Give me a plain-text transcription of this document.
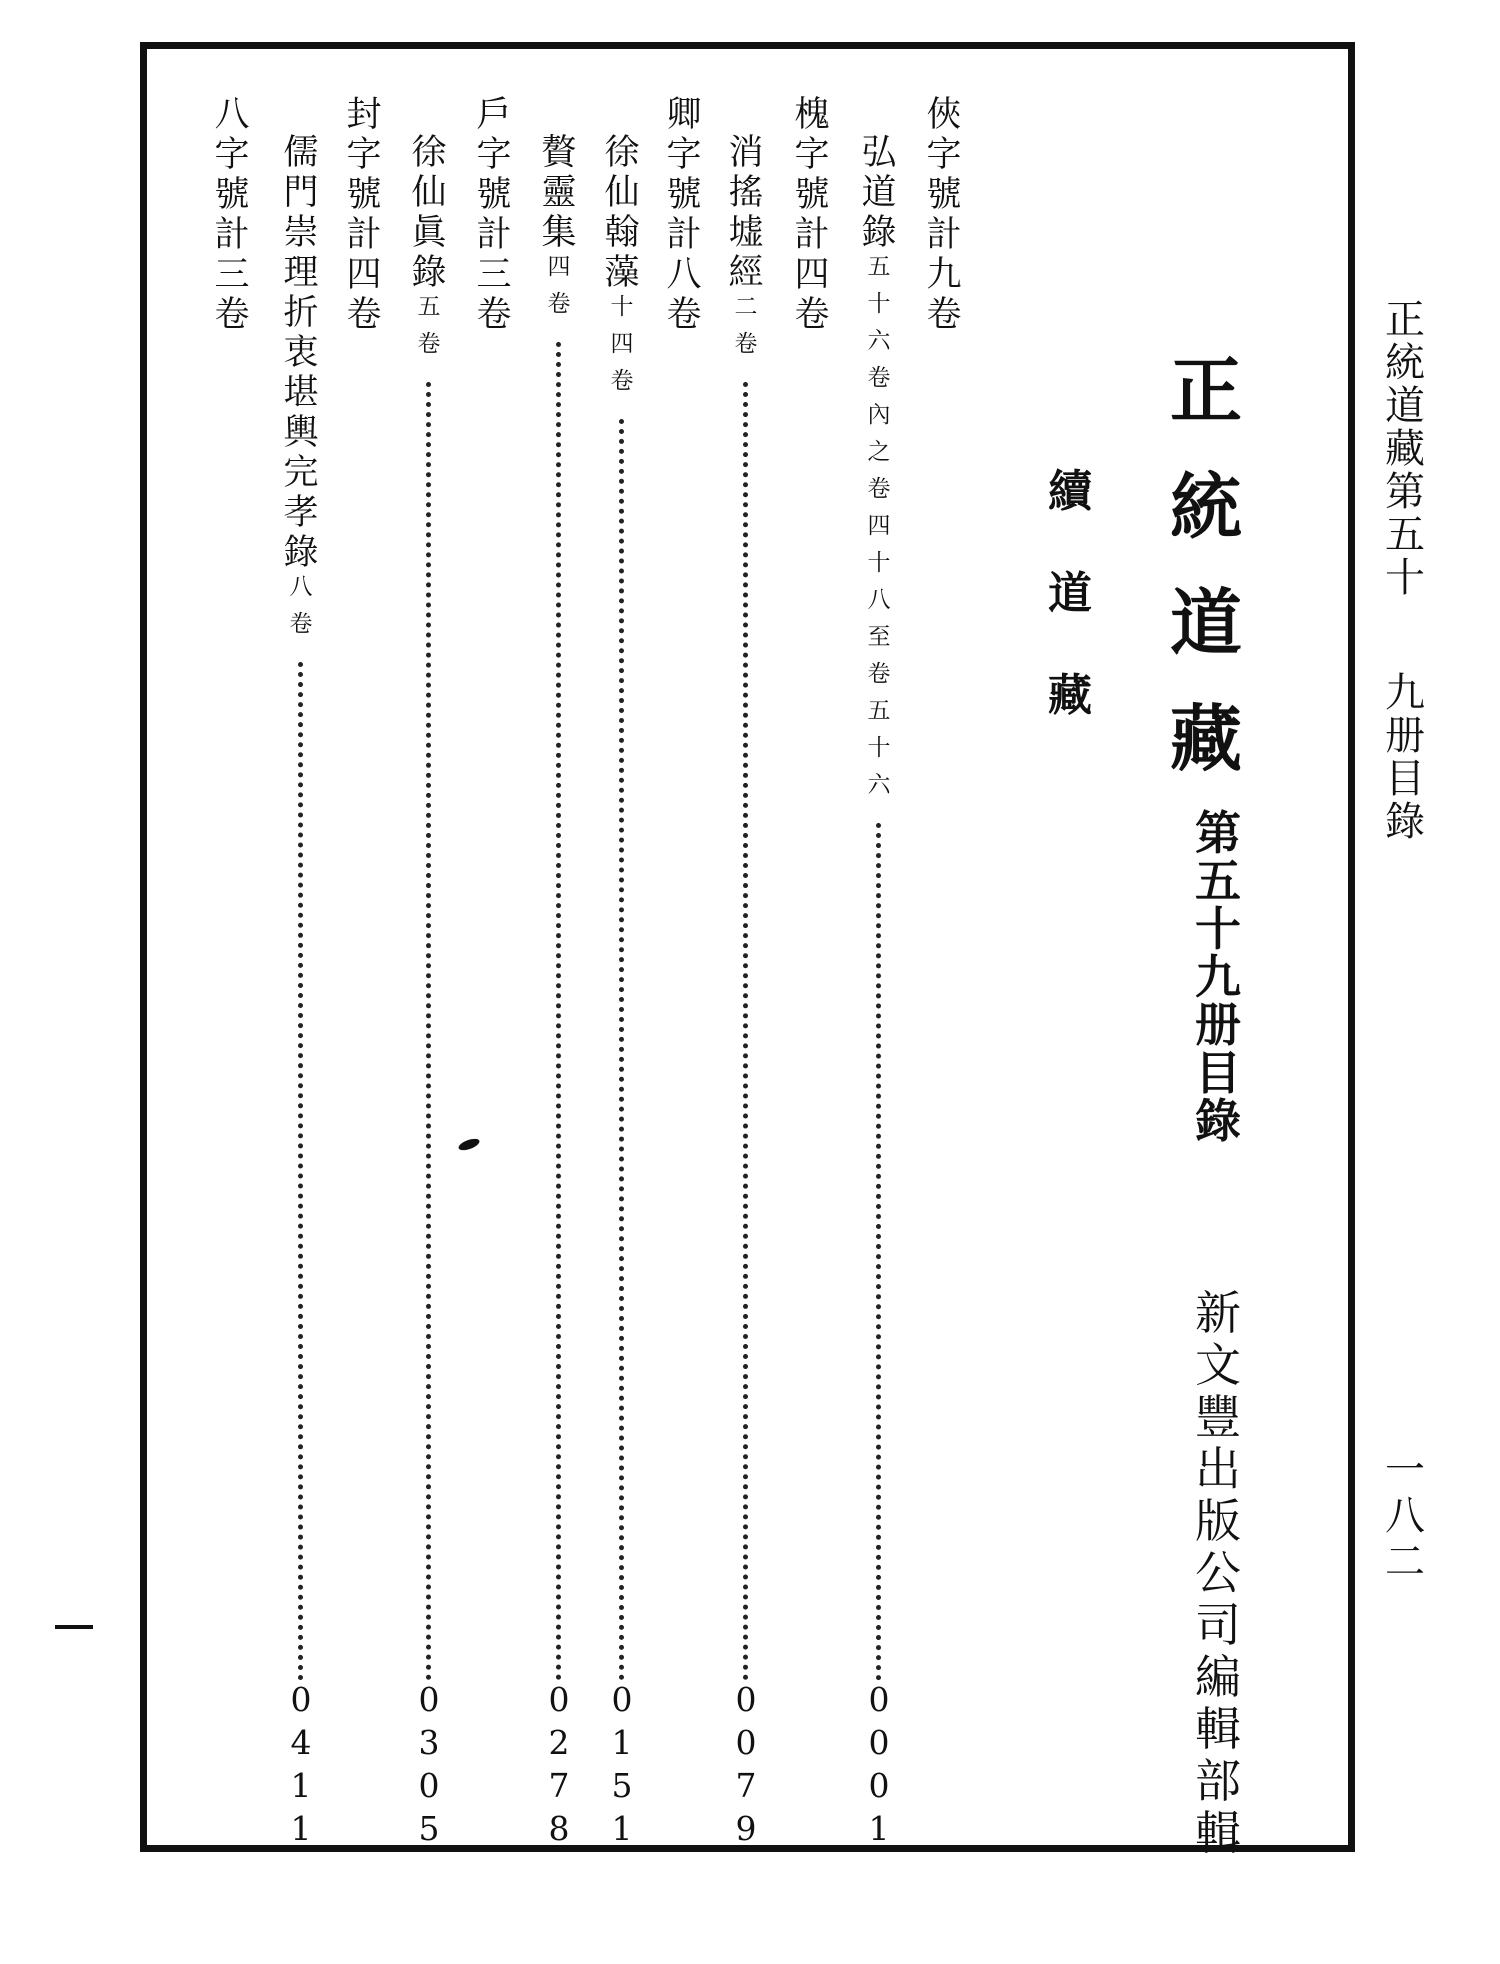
正
統
道
藏
第
五
十
九
册
目
錄
一
八
二
正
統
道
藏
續
道
藏
第
五
十
九
册
目
錄
新
文
豐
出
版
公
司
編
輯
部
輯
俠
字
號
計
九
卷
弘
道
錄
五
十
六
卷
內
之
卷
四
十
八
至
卷
五
十
六
0
0
0
1
槐
字
號
計
四
卷
消
搖
墟
經
二
卷
0
0
7
9
卿
字
號
計
八
卷
徐
仙
翰
藻
十
四
卷
0
1
5
1
贅
靈
集
四
卷
0
2
7
8
戶
字
號
計
三
卷
徐
仙
眞
錄
五
卷
0
3
0
5
封
字
號
計
四
卷
儒
門
崇
理
折
衷
堪
輿
完
孝
錄
八
卷
0
4
1
1
八
字
號
計
三
卷
